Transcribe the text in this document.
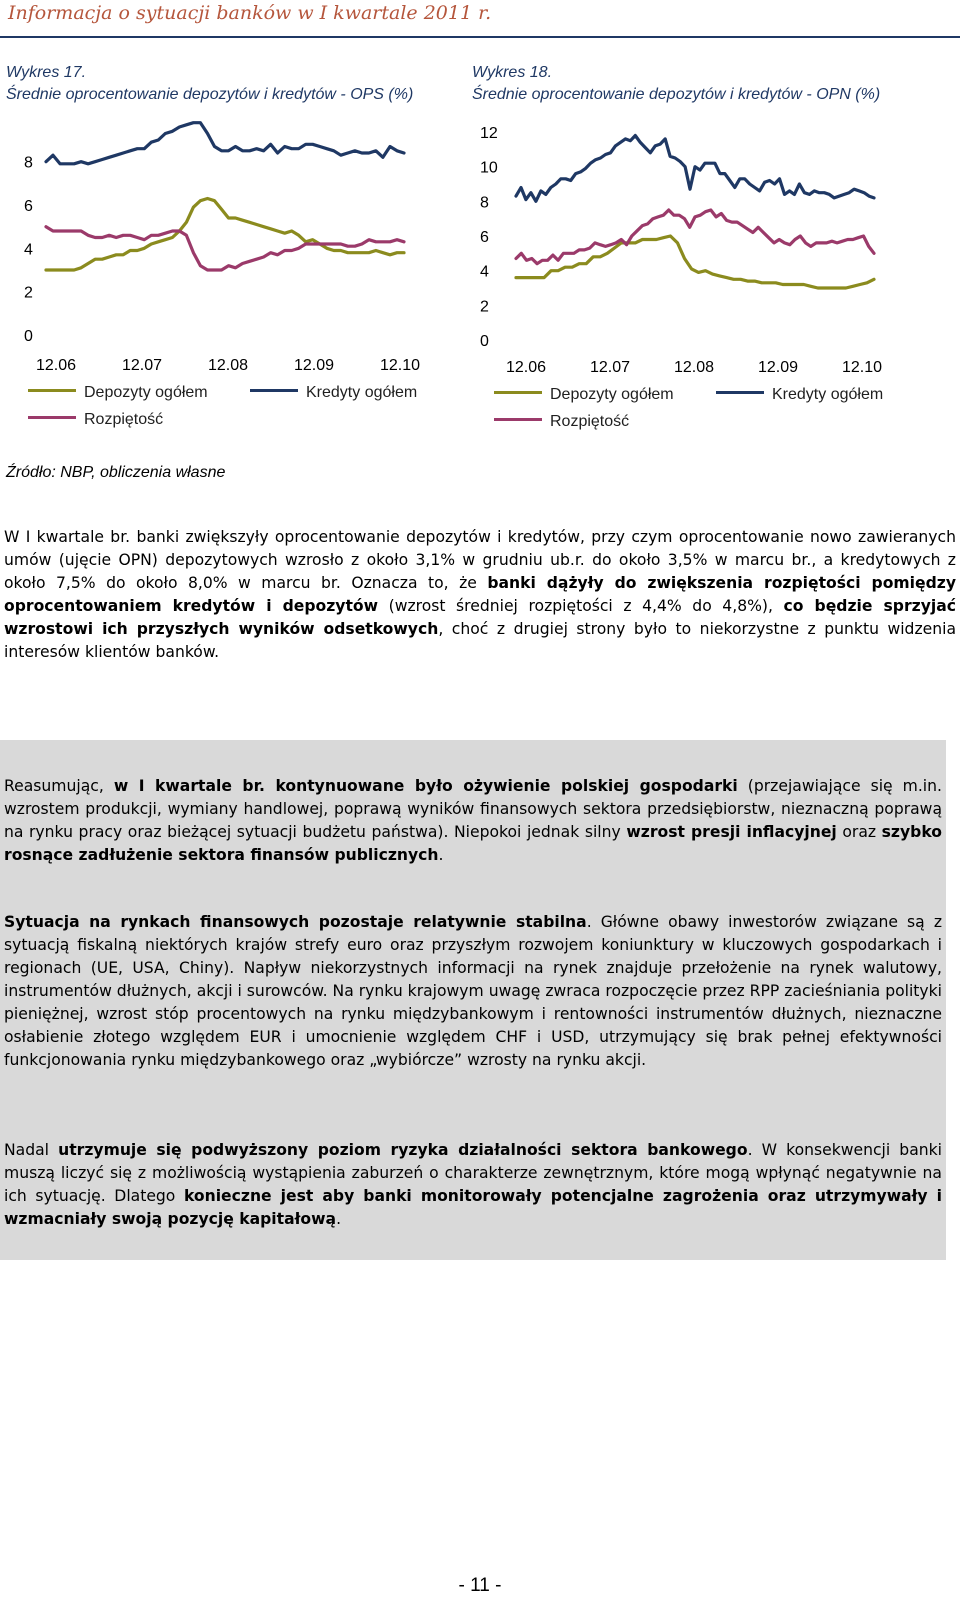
Informacja o sytuacji banków w I kwartale 2011 r.
Wykres 17.
Średnie oprocentowanie depozytów i kredytów - OPS (%)
0
2
4
6
8
12.06	12.07	12.08	12.09	12.10
Depozyty ogółem	Kredyty ogółem
Rozpiętość
Wykres 18.
Średnie oprocentowanie depozytów i kredytów - OPN (%)
0
2
4
6
8
10
12
12.06	12.07	12.08	12.09	12.10
Depozyty ogółem	Kredyty ogółem
Rozpiętość
Źródło: NBP, obliczenia własne

W I kwartale br. banki zwiększyły oprocentowanie depozytów i kredytów, przy czym oprocentowanie nowo zawieranych umów (ujęcie OPN) depozytowych wzrosło z około 3,1% w grudniu ub.r. do około 3,5% w marcu br., a kredytowych z około 7,5% do około 8,0% w marcu br. Oznacza to, że banki dążyły do zwiększenia rozpiętości pomiędzy oprocentowaniem kredytów i depozytów (wzrost średniej rozpiętości z 4,4% do 4,8%), co będzie sprzyjać wzrostowi ich przyszłych wyników odsetkowych, choć z drugiej strony było to niekorzystne z punktu widzenia interesów klientów banków.

Reasumując, w I kwartale br. kontynuowane było ożywienie polskiej gospodarki (przejawiające się m.in. wzrostem produkcji, wymiany handlowej, poprawą wyników finansowych sektora przedsiębiorstw, nieznaczną poprawą na rynku pracy oraz bieżącej sytuacji budżetu państwa). Niepokoi jednak silny wzrost presji inflacyjnej oraz szybko rosnące zadłużenie sektora finansów publicznych.

Sytuacja na rynkach finansowych pozostaje relatywnie stabilna. Główne obawy inwestorów związane są z sytuacją fiskalną niektórych krajów strefy euro oraz przyszłym rozwojem koniunktury w kluczowych gospodarkach i regionach (UE, USA, Chiny). Napływ niekorzystnych informacji na rynek znajduje przełożenie na rynek walutowy, instrumentów dłużnych, akcji i surowców. Na rynku krajowym uwagę zwraca rozpoczęcie przez RPP zacieśniania polityki pieniężnej, wzrost stóp procentowych na rynku międzybankowym i rentowności instrumentów dłużnych, nieznaczne osłabienie złotego względem EUR i umocnienie względem CHF i USD, utrzymujący się brak pełnej efektywności funkcjonowania rynku międzybankowego oraz „wybiórcze” wzrosty na rynku akcji.

Nadal utrzymuje się podwyższony poziom ryzyka działalności sektora bankowego. W konsekwencji banki muszą liczyć się z możliwością wystąpienia zaburzeń o charakterze zewnętrznym, które mogą wpłynąć negatywnie na ich sytuację. Dlatego konieczne jest aby banki monitorowały potencjalne zagrożenia oraz utrzymywały i wzmacniały swoją pozycję kapitałową.

- 11 -
